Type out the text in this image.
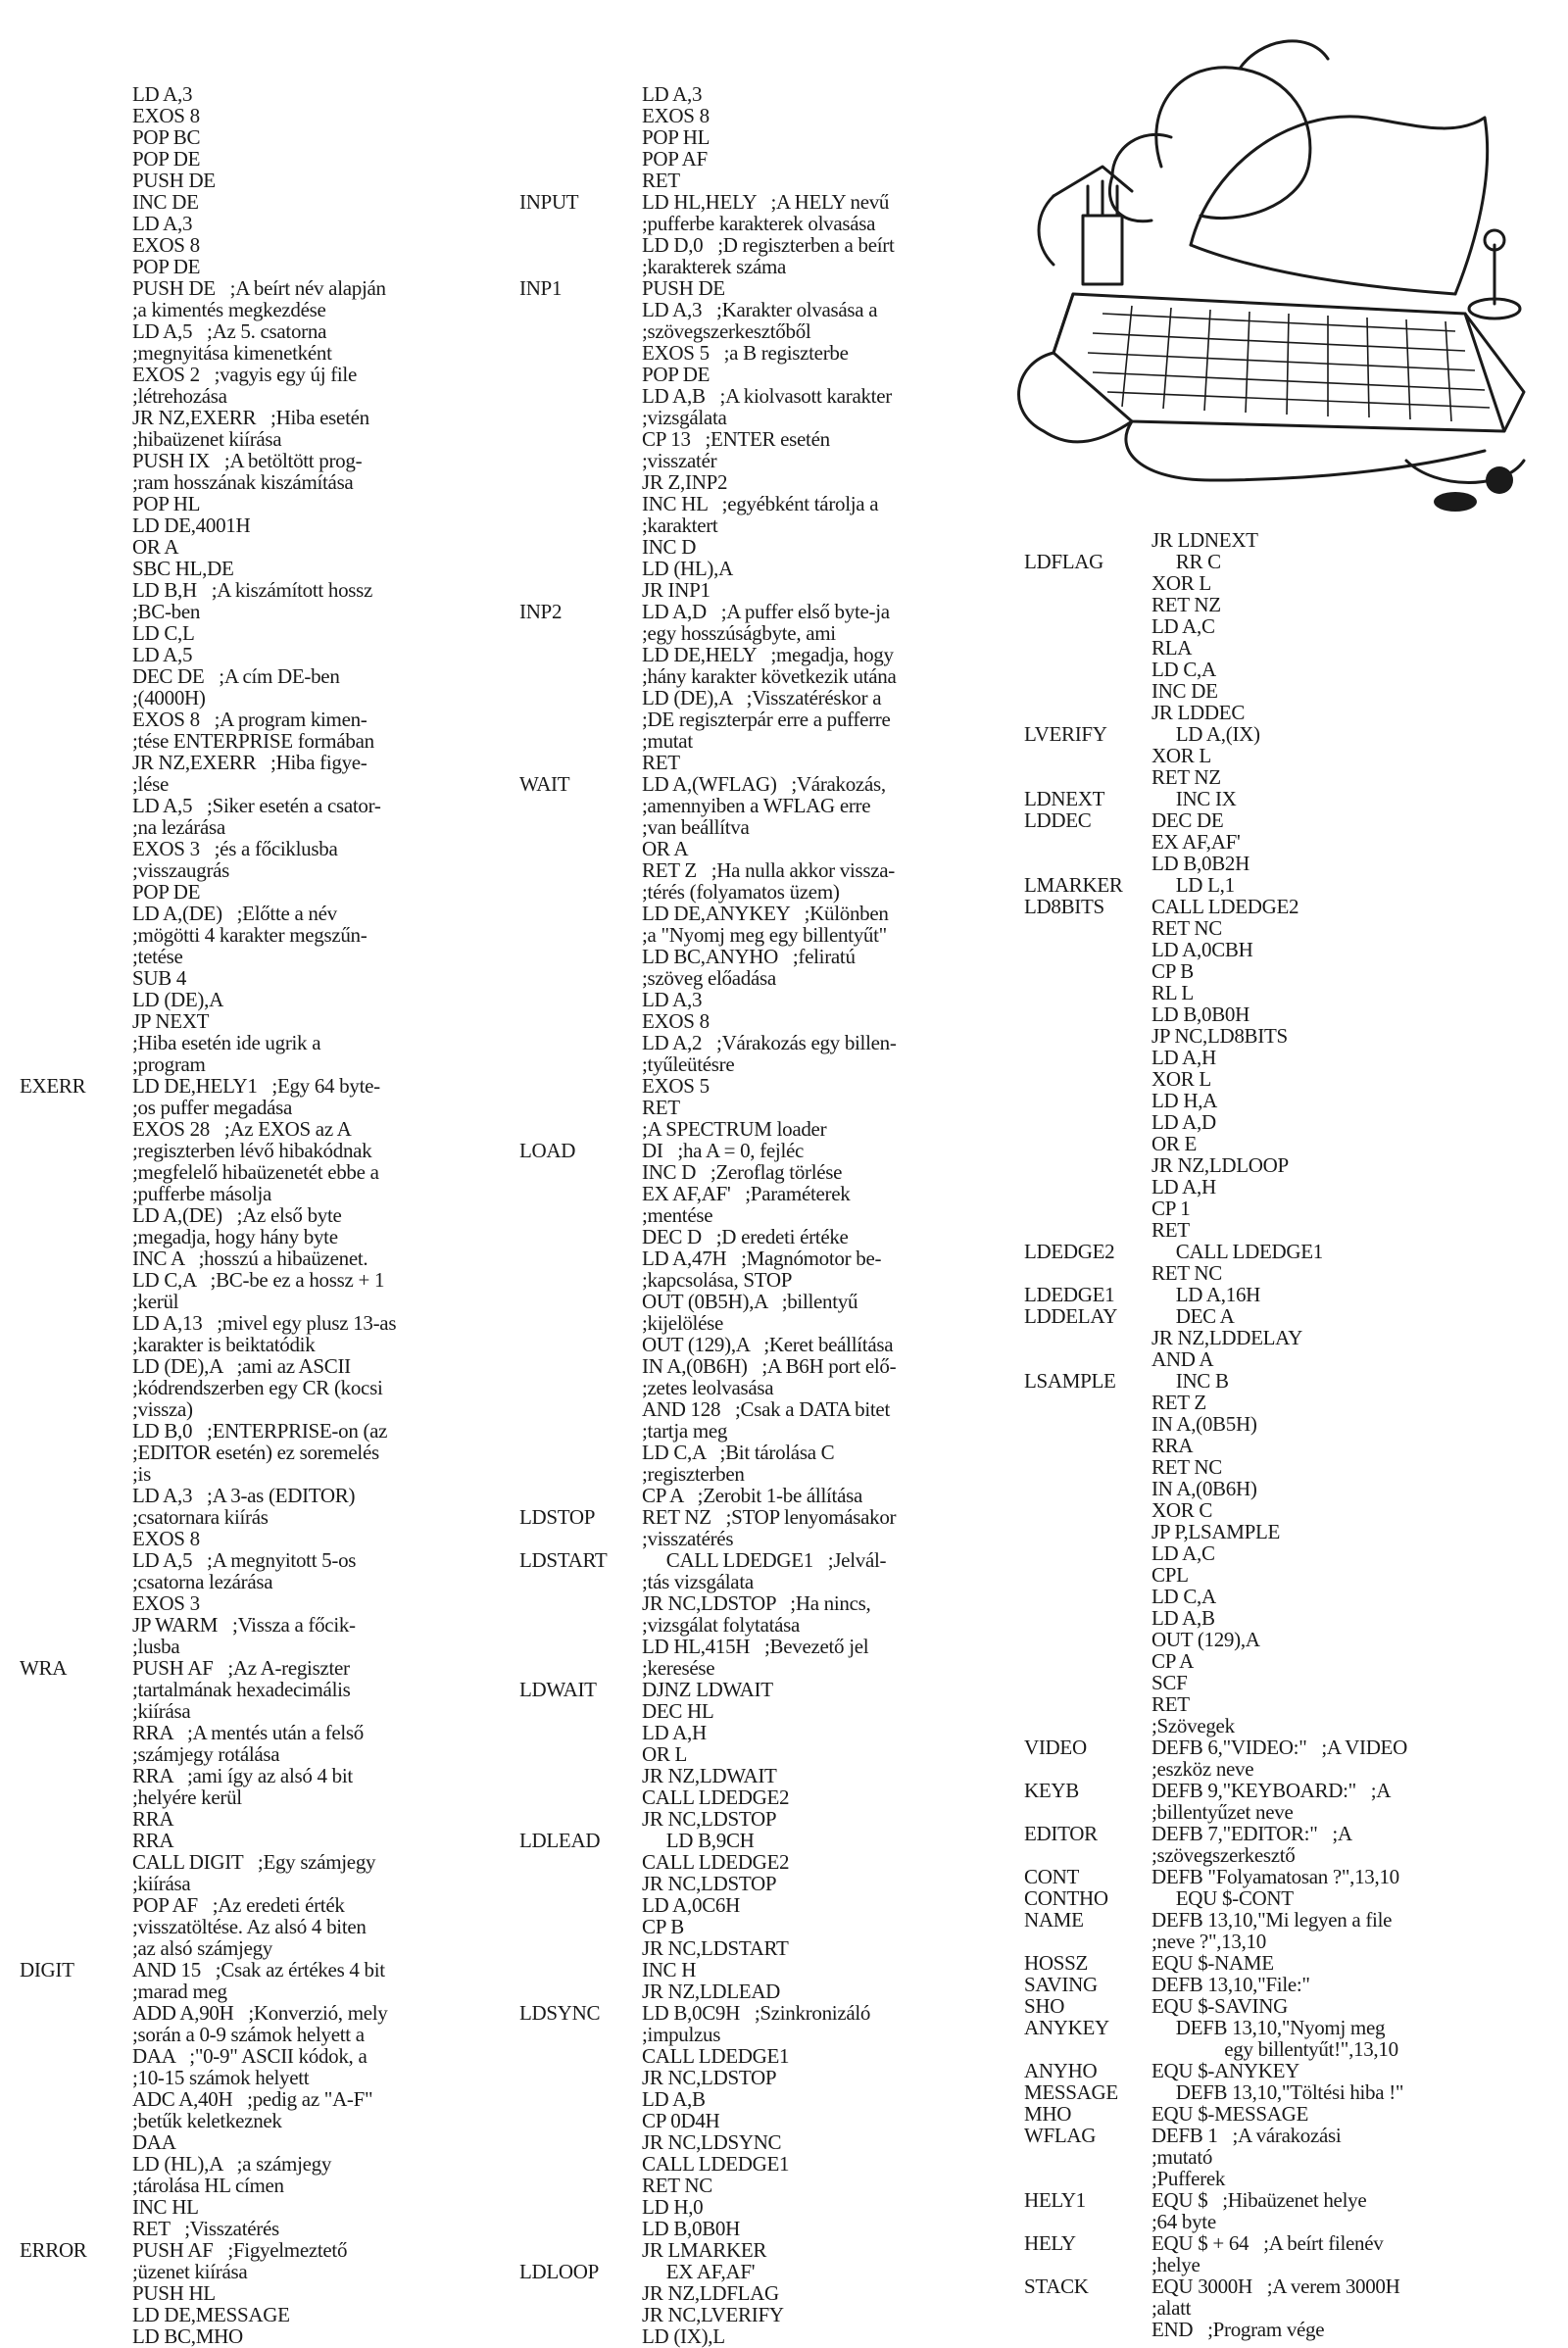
LD A,3
EXOS 8
POP BC
POP DE
PUSH DE
INC DE
LD A,3
EXOS 8
POP DE
PUSH DE   ;A beírt név alapján
;a kimentés megkezdése
LD A,5   ;Az 5. csatorna
;megnyitása kimenetként
EXOS 2   ;vagyis egy új file
;létrehozása
JR NZ,EXERR   ;Hiba esetén
;hibaüzenet kiírása
PUSH IX   ;A betöltött prog-
;ram hosszának kiszámítása
POP HL
LD DE,4001H
OR A
SBC HL,DE
LD B,H   ;A kiszámított hossz
;BC-ben
LD C,L
LD A,5
DEC DE   ;A cím DE-ben
;(4000H)
EXOS 8   ;A program kimen-
;tése ENTERPRISE formában
JR NZ,EXERR   ;Hiba figye-
;lése
LD A,5   ;Siker esetén a csator-
;na lezárása
EXOS 3   ;és a főciklusba
;visszaugrás
POP DE
LD A,(DE)   ;Előtte a név
;mögötti 4 karakter megszűn-
;tetése
SUB 4
LD (DE),A
JP NEXT
;Hiba esetén ide ugrik a
;program
EXERR LD DE,HELY1   ;Egy 64 byte-
;os puffer megadása
EXOS 28   ;Az EXOS az A
;regiszterben lévő hibakódnak
;megfelelő hibaüzenetét ebbe a
;pufferbe másolja
LD A,(DE)   ;Az első byte
;megadja, hogy hány byte
INC A   ;hosszú a hibaüzenet.
LD C,A   ;BC-be ez a hossz + 1
;kerül
LD A,13   ;mivel egy plusz 13-as
;karakter is beiktatódik
LD (DE),A   ;ami az ASCII
;kódrendszerben egy CR (kocsi
;vissza)
LD B,0   ;ENTERPRISE-on (az
;EDITOR esetén) ez soremelés
;is
LD A,3   ;A 3-as (EDITOR)
;csatornara kiírás
EXOS 8
LD A,5   ;A megnyitott 5-os
;csatorna lezárása
EXOS 3
JP WARM   ;Vissza a főcik-
;lusba
WRA	PUSH AF   ;Az A-regiszter
;tartalmának hexadecimális
;kiírása
RRA   ;A mentés után a felső
;számjegy rotálása
RRA   ;ami így az alsó 4 bit
;helyére kerül
RRA
RRA
CALL DIGIT   ;Egy számjegy
;kiírása
POP AF   ;Az eredeti érték
;visszatöltése. Az alsó 4 biten
;az alsó számjegy
DIGIT	AND 15   ;Csak az értékes 4 bit
;marad meg
ADD A,90H   ;Konverzió, mely
;során a 0-9 számok helyett a
DAA   ;"0-9" ASCII kódok, a
;10-15 számok helyett
ADC A,40H   ;pedig az "A-F"
;betűk keletkeznek
DAA
LD (HL),A   ;a számjegy
;tárolása HL címen
INC HL
RET   ;Visszatérés
ERROR PUSH AF   ;Figyelmeztető
;üzenet kiírása
PUSH HL
LD DE,MESSAGE
LD BC,MHO
LD A,3
EXOS 8
POP HL
POP AF
RET
INPUT	LD HL,HELY   ;A HELY nevű
;pufferbe karakterek olvasása
LD D,0   ;D regiszterben a beírt
;karakterek száma
INP1	PUSH DE
LD A,3   ;Karakter olvasása a
;szövegszerkesztőből
EXOS 5   ;a B regiszterbe
POP DE
LD A,B   ;A kiolvasott karakter
;vizsgálata
CP 13   ;ENTER esetén
;visszatér
JR Z,INP2
INC HL   ;egyébként tárolja a
;karaktert
INC D
LD (HL),A
JR INP1
INP2	LD A,D   ;A puffer első byte-ja
;egy hosszúságbyte, ami
LD DE,HELY   ;megadja, hogy
;hány karakter következik utána
LD (DE),A   ;Visszatéréskor a
;DE regiszterpár erre a pufferre
;mutat
RET
WAIT	LD A,(WFLAG)   ;Várakozás,
;amennyiben a WFLAG erre
;van beállítva
OR A
RET Z   ;Ha nulla akkor vissza-
;térés (folyamatos üzem)
LD DE,ANYKEY   ;Különben
;a "Nyomj meg egy billentyűt"
LD BC,ANYHO   ;feliratú
;szöveg előadása
LD A,3
EXOS 8
LD A,2   ;Várakozás egy billen-
;tyűleütésre
EXOS 5
RET
;A SPECTRUM loader
LOAD	DI   ;ha A = 0, fejléc
INC D   ;Zeroflag törlése
EX AF,AF'   ;Paraméterek
;mentése
DEC D   ;D eredeti értéke
LD A,47H   ;Magnómotor be-
;kapcsolása, STOP
OUT (0B5H),A   ;billentyű
;kijelölése
OUT (129),A   ;Keret beállítása
IN A,(0B6H)   ;A B6H port elő-
;zetes leolvasása
AND 128   ;Csak a DATA bitet
;tartja meg
LD C,A   ;Bit tárolása C
;regiszterben
CP A   ;Zerobit 1-be állítása
LDSTOP RET NZ   ;STOP lenyomásakor
;visszatérés
LDSTART CALL LDEDGE1   ;Jelvál-
;tás vizsgálata
JR NC,LDSTOP   ;Ha nincs,
;vizsgálat folytatása
LD HL,415H   ;Bevezető jel
;keresése
LDWAIT DJNZ LDWAIT
DEC HL
LD A,H
OR L
JR NZ,LDWAIT
CALL LDEDGE2
JR NC,LDSTOP
LDLEAD LD B,9CH
CALL LDEDGE2
JR NC,LDSTOP
LD A,0C6H
CP B
JR NC,LDSTART
INC H
JR NZ,LDLEAD
LDSYNC LD B,0C9H   ;Szinkronizáló
;impulzus
CALL LDEDGE1
JR NC,LDSTOP
LD A,B
CP 0D4H
JR NC,LDSYNC
CALL LDEDGE1
RET NC
LD H,0
LD B,0B0H
JR LMARKER
LDLOOP EX AF,AF'
JR NZ,LDFLAG
JR NC,LVERIFY
LD (IX),L
JR LDNEXT
LDFLAG RR C
XOR L
RET NZ
LD A,C
RLA
LD C,A
INC DE
JR LDDEC
LVERIFY LD A,(IX)
XOR L
RET NZ
LDNEXT INC IX
LDDEC	DEC DE
EX AF,AF'
LD B,0B2H
LMARKER LD L,1
LD8BITS CALL LDEDGE2
RET NC
LD A,0CBH
CP B
RL L
LD B,0B0H
JP NC,LD8BITS
LD A,H
XOR L
LD H,A
LD A,D
OR E
JR NZ,LDLOOP
LD A,H
CP 1
RET
LDEDGE2 CALL LDEDGE1
RET NC
LDEDGE1 LD A,16H
LDDELAY DEC A
JR NZ,LDDELAY
AND A
LSAMPLE INC B
RET Z
IN A,(0B5H)
RRA
RET NC
IN A,(0B6H)
XOR C
JP P,LSAMPLE
LD A,C
CPL
LD C,A
LD A,B
OUT (129),A
CP A
SCF
RET
;Szövegek
VIDEO	DEFB 6,"VIDEO:"   ;A VIDEO
;eszköz neve
KEYB	DEFB 9,"KEYBOARD:"   ;A
;billentyűzet neve
EDITOR	DEFB 7,"EDITOR:"   ;A
;szövegszerkesztő
CONT	DEFB "Folyamatosan ?",13,10
CONTHO EQU $-CONT
NAME	DEFB 13,10,"Mi legyen a file
;neve ?",13,10
HOSSZ	EQU $-NAME
SAVING	DEFB 13,10,"File:"
SHO	EQU $-SAVING
ANYKEY DEFB 13,10,"Nyomj meg
egy billentyűt!",13,10
ANYHO	EQU $-ANYKEY
MESSAGE DEFB 13,10,"Töltési hiba !"
MHO	EQU $-MESSAGE
WFLAG	DEFB 1   ;A várakozási
;mutató
;Pufferek
HELY1	EQU $   ;Hibaüzenet helye
;64 byte
HELY	EQU $ + 64   ;A beírt filenév
;helye
STACK	EQU 3000H   ;A verem 3000H
;alatt
END   ;Program vége
